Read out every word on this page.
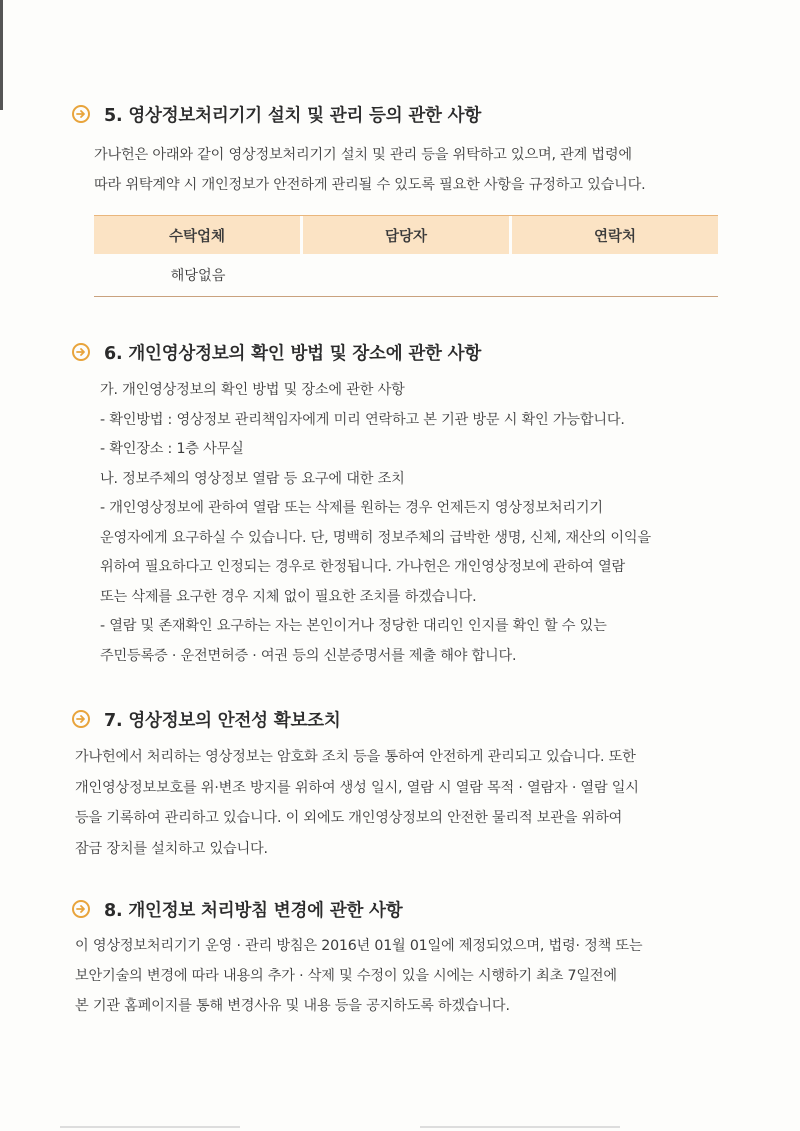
5. 영상정보처리기기 설치 및 관리 등의 관한 사항
가나헌은 아래와 같이 영상정보처리기기 설치 및 관리 등을 위탁하고 있으며, 관계 법령에
따라 위탁계약 시 개인정보가 안전하게 관리될 수 있도록 필요한 사항을 규정하고 있습니다.
수탁업체	담당자	연락처
해당없음
6. 개인영상정보의 확인 방법 및 장소에 관한 사항
가. 개인영상정보의 확인 방법 및 장소에 관한 사항
- 확인방법 : 영상정보 관리책임자에게 미리 연락하고 본 기관 방문 시 확인 가능합니다.
- 확인장소 : 1층 사무실
나. 정보주체의 영상정보 열람 등 요구에 대한 조치
- 개인영상정보에 관하여 열람 또는 삭제를 원하는 경우 언제든지 영상정보처리기기
운영자에게 요구하실 수 있습니다. 단, 명백히 정보주체의 급박한 생명, 신체, 재산의 이익을
위하여 필요하다고 인정되는 경우로 한정됩니다. 가나헌은 개인영상정보에 관하여 열람
또는 삭제를 요구한 경우 지체 없이 필요한 조치를 하겠습니다.
- 열람 및 존재확인 요구하는 자는 본인이거나 정당한 대리인 인지를 확인 할 수 있는
주민등록증 · 운전면허증 · 여권 등의 신분증명서를 제출 해야 합니다.
7. 영상정보의 안전성 확보조치
가나헌에서 처리하는 영상정보는 암호화 조치 등을 통하여 안전하게 관리되고 있습니다. 또한
개인영상정보보호를 위·변조 방지를 위하여 생성 일시, 열람 시 열람 목적 · 열람자 · 열람 일시
등을 기록하여 관리하고 있습니다. 이 외에도 개인영상정보의 안전한 물리적 보관을 위하여
잠금 장치를 설치하고 있습니다.
8. 개인정보 처리방침 변경에 관한 사항
이 영상정보처리기기 운영 · 관리 방침은 2016년 01월 01일에 제정되었으며, 법령· 정책 또는
보안기술의 변경에 따라 내용의 추가 · 삭제 및 수정이 있을 시에는 시행하기 최초 7일전에
본 기관 홈페이지를 통해 변경사유 및 내용 등을 공지하도록 하겠습니다.
